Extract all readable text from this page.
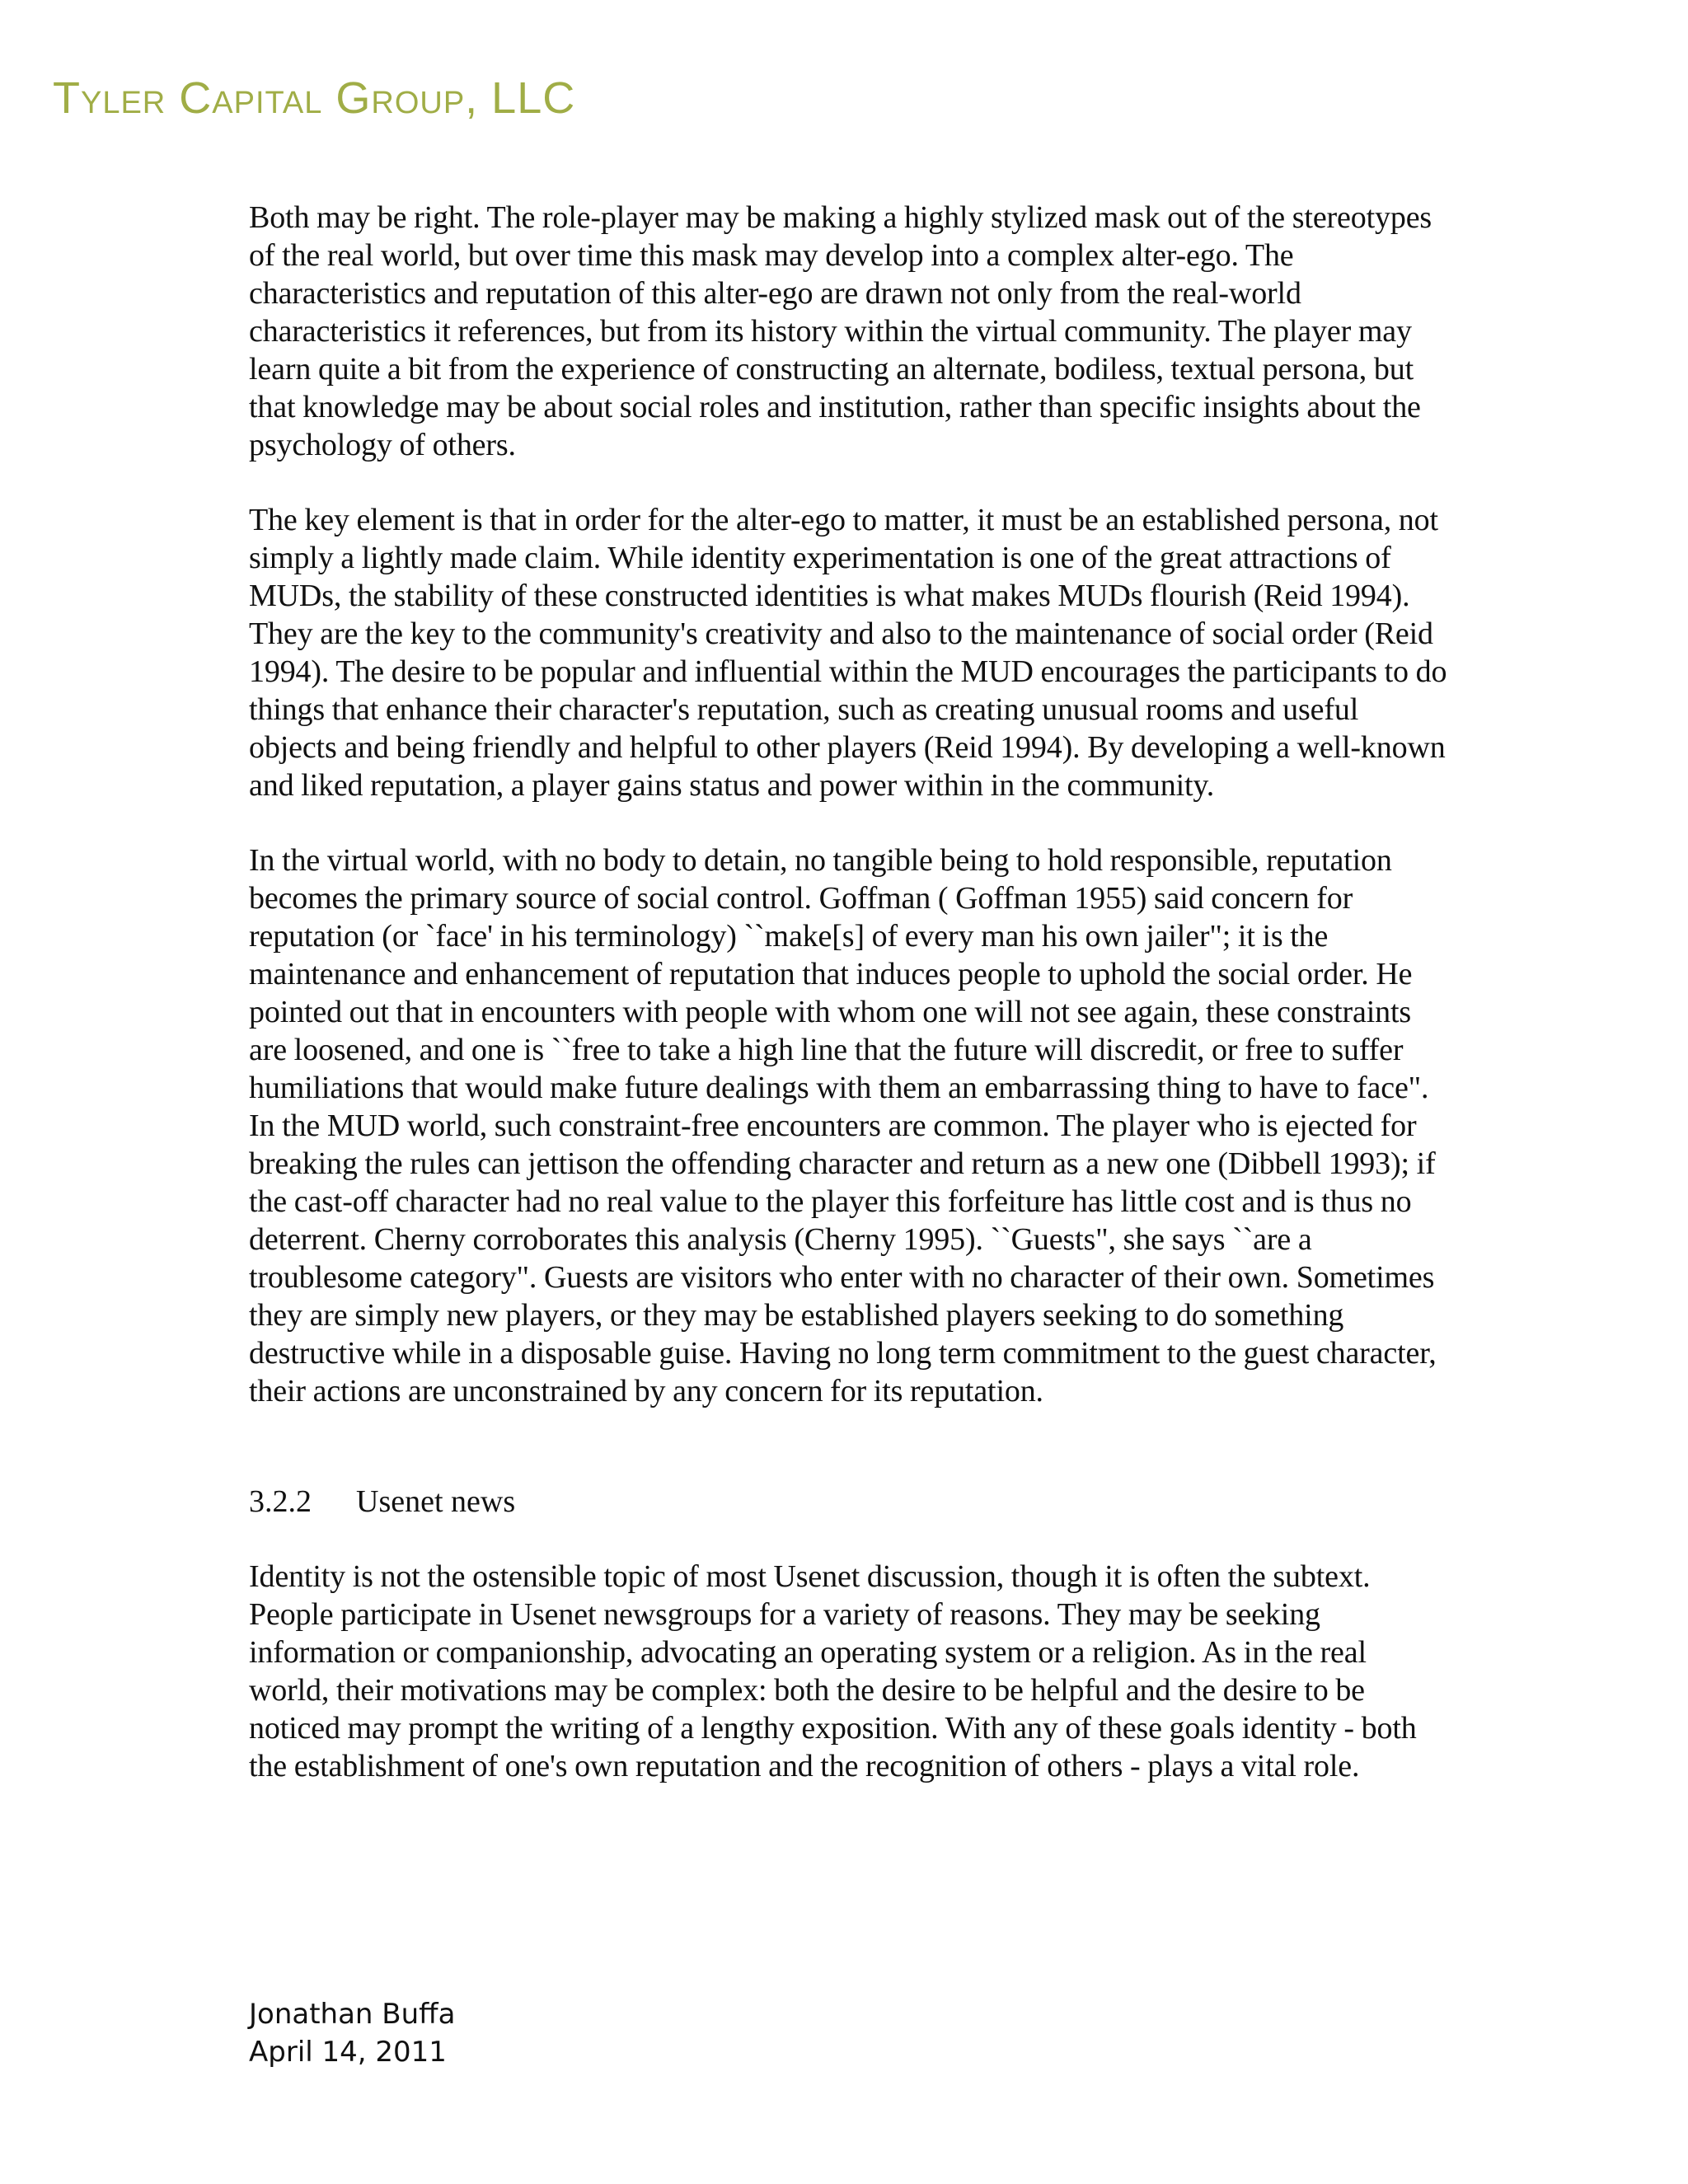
Tyler Capital Group, LLC

Both may be right. The role-player may be making a highly stylized mask out of the stereotypes of the real world, but over time this mask may develop into a complex alter-ego. The characteristics and reputation of this alter-ego are drawn not only from the real-world characteristics it references, but from its history within the virtual community. The player may learn quite a bit from the experience of constructing an alternate, bodiless, textual persona, but that knowledge may be about social roles and institution, rather than specific insights about the psychology of others.

The key element is that in order for the alter-ego to matter, it must be an established persona, not simply a lightly made claim. While identity experimentation is one of the great attractions of MUDs, the stability of these constructed identities is what makes MUDs flourish (Reid 1994). They are the key to the community's creativity and also to the maintenance of social order (Reid 1994). The desire to be popular and influential within the MUD encourages the participants to do things that enhance their character's reputation, such as creating unusual rooms and useful objects and being friendly and helpful to other players (Reid 1994). By developing a well-known and liked reputation, a player gains status and power within in the community.

In the virtual world, with no body to detain, no tangible being to hold responsible, reputation becomes the primary source of social control. Goffman ( Goffman 1955) said concern for reputation (or `face' in his terminology) ``make[s] of every man his own jailer"; it is the maintenance and enhancement of reputation that induces people to uphold the social order. He pointed out that in encounters with people with whom one will not see again, these constraints are loosened, and one is ``free to take a high line that the future will discredit, or free to suffer humiliations that would make future dealings with them an embarrassing thing to have to face". In the MUD world, such constraint-free encounters are common. The player who is ejected for breaking the rules can jettison the offending character and return as a new one (Dibbell 1993); if the cast-off character had no real value to the player this forfeiture has little cost and is thus no deterrent. Cherny corroborates this analysis (Cherny 1995). ``Guests", she says ``are a troublesome category". Guests are visitors who enter with no character of their own. Sometimes they are simply new players, or they may be established players seeking to do something destructive while in a disposable guise. Having no long term commitment to the guest character, their actions are unconstrained by any concern for its reputation.

3.2.2	Usenet news

Identity is not the ostensible topic of most Usenet discussion, though it is often the subtext. People participate in Usenet newsgroups for a variety of reasons. They may be seeking information or companionship, advocating an operating system or a religion. As in the real world, their motivations may be complex: both the desire to be helpful and the desire to be noticed may prompt the writing of a lengthy exposition. With any of these goals identity - both the establishment of one's own reputation and the recognition of others - plays a vital role.

Jonathan Buffa
April 14, 2011
